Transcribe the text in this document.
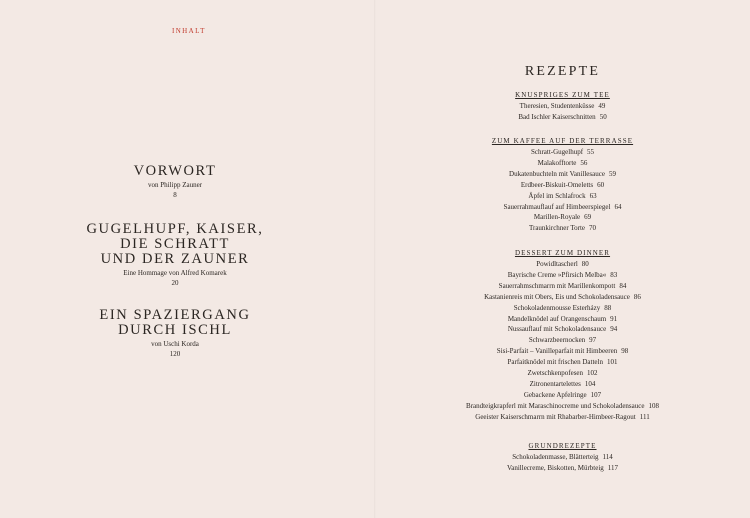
INHALT
VORWORT
von Philipp Zauner
8
GUGELHUPF, KAISER,
DIE SCHRATT
UND DER ZAUNER
Eine Hommage von Alfred Komarek
20
EIN SPAZIERGANG
DURCH ISCHL
von Uschi Korda
120
REZEPTE
KNUSPRIGES ZUM TEE
Theresien, Studentenküsse 49
Bad Ischler Kaiserschnitten 50
ZUM KAFFEE AUF DER TERRASSE
Schratt-Gugelhupf 55
Malakofftorte 56
Dukatenbuchteln mit Vanillesauce 59
Erdbeer-Biskuit-Omeletts 60
Äpfel im Schlafrock 63
Sauerrahmauflauf auf Himbeerspiegel 64
Marillen-Royale 69
Traunkirchner Torte 70
DESSERT ZUM DINNER
Powidltascherl 80
Bayrische Creme »Pfirsich Melba« 83
Sauerrahmschmarrn mit Marillenkompott 84
Kastanienreis mit Obers, Eis und Schokoladensauce 86
Schokoladenmousse Esterházy 88
Mandelknödel auf Orangenschaum 91
Nussauflauf mit Schokoladensauce 94
Schwarzbeernocken 97
Sisi-Parfait – Vanilleparfait mit Himbeeren 98
Parfaitknödel mit frischen Datteln 101
Zwetschkenpofesen 102
Zitronentartelettes 104
Gebackene Apfelringe 107
Brandteigkrapferl mit Maraschinocreme und Schokoladensauce 108
Geeister Kaiserschmarrn mit Rhabarber-Himbeer-Ragout 111
GRUNDREZEPTE
Schokoladenmasse, Blätterteig 114
Vanillecreme, Biskotten, Mürbteig 117
